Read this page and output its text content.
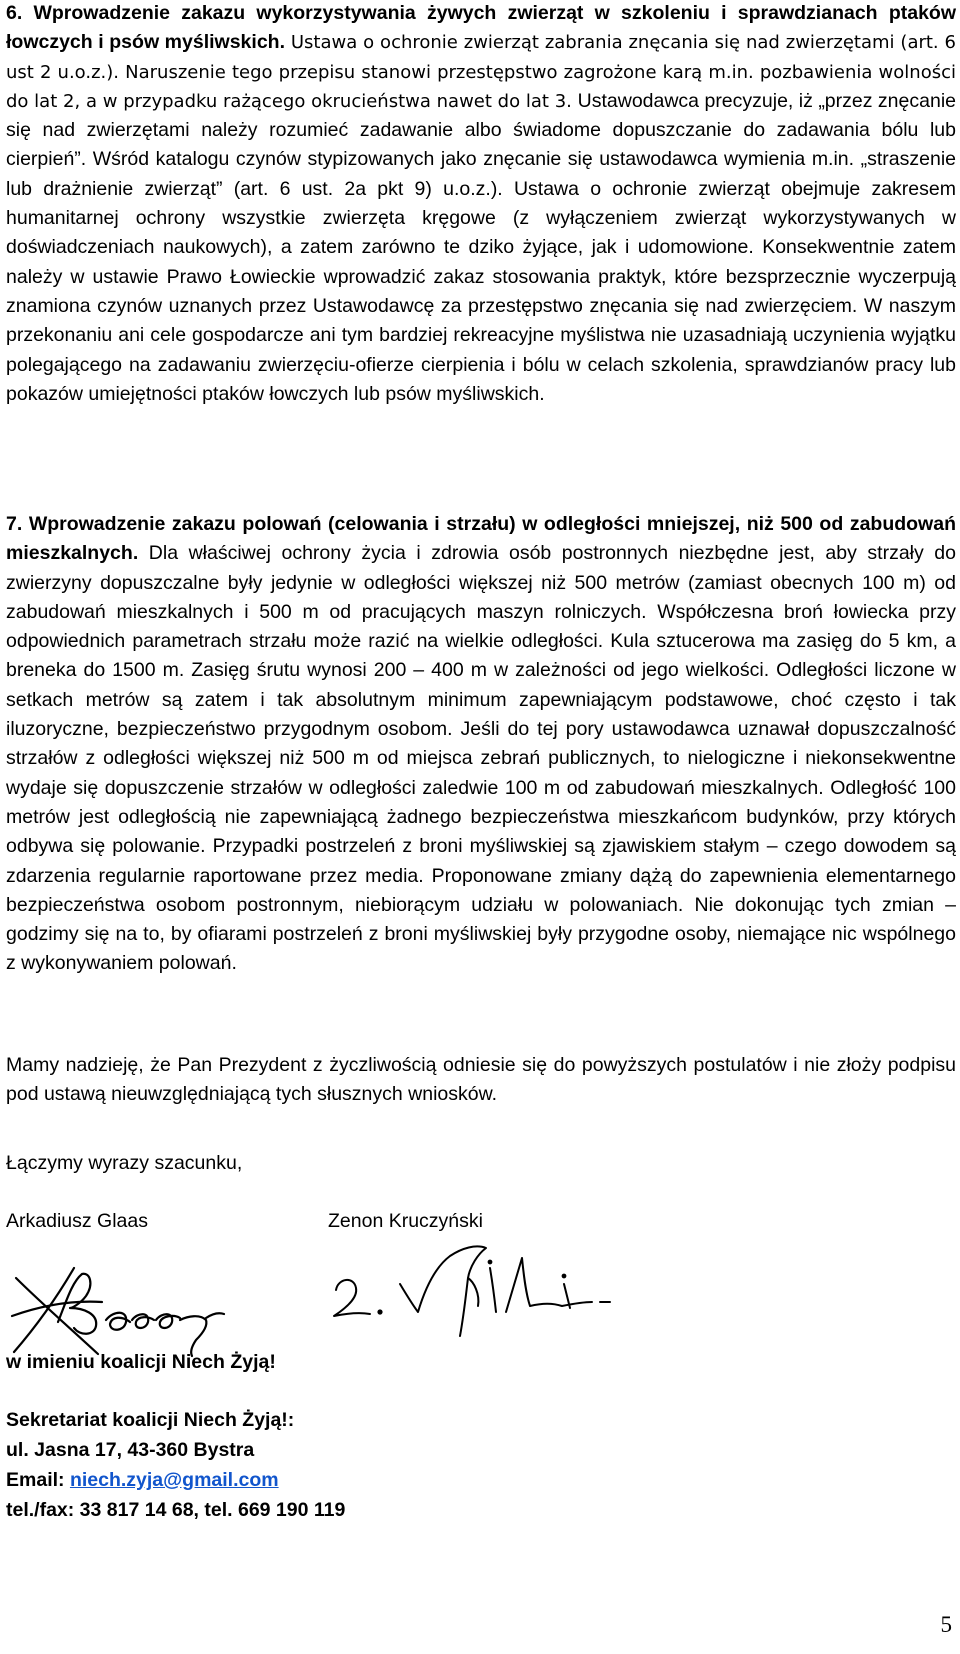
6. Wprowadzenie zakazu wykorzystywania żywych zwierząt w szkoleniu i sprawdzianach ptaków łowczych i psów myśliwskich. Ustawa o ochronie zwierząt zabrania znęcania się nad zwierzętami (art. 6 ust 2 u.o.z.). Naruszenie tego przepisu stanowi przestępstwo zagrożone karą m.in. pozbawienia wolności do lat 2, a w przypadku rażącego okrucieństwa nawet do lat 3. Ustawodawca precyzuje, iż „przez znęcanie się nad zwierzętami należy rozumieć zadawanie albo świadome dopuszczanie do zadawania bólu lub cierpień”. Wśród katalogu czynów stypizowanych jako znęcanie się ustawodawca wymienia m.in. „straszenie lub drażnienie zwierząt” (art. 6 ust. 2a pkt 9) u.o.z.). Ustawa o ochronie zwierząt obejmuje zakresem humanitarnej ochrony wszystkie zwierzęta kręgowe (z wyłączeniem zwierząt wykorzystywanych w doświadczeniach naukowych), a zatem zarówno te dziko żyjące, jak i udomowione. Konsekwentnie zatem należy w ustawie Prawo Łowieckie wprowadzić zakaz stosowania praktyk, które bezsprzecznie wyczerpują znamiona czynów uznanych przez Ustawodawcę za przestępstwo znęcania się nad zwierzęciem. W naszym przekonaniu ani cele gospodarcze ani tym bardziej rekreacyjne myślistwa nie uzasadniają uczynienia wyjątku polegającego na zadawaniu zwierzęciu-ofierze cierpienia i bólu w celach szkolenia, sprawdzianów pracy lub pokazów umiejętności ptaków łowczych lub psów myśliwskich.

7. Wprowadzenie zakazu polowań (celowania i strzału) w odległości mniejszej, niż 500 od zabudowań mieszkalnych. Dla właściwej ochrony życia i zdrowia osób postronnych niezbędne jest, aby strzały do zwierzyny dopuszczalne były jedynie w odległości większej niż 500 metrów (zamiast obecnych 100 m) od zabudowań mieszkalnych i 500 m od pracujących maszyn rolniczych. Współczesna broń łowiecka przy odpowiednich parametrach strzału może razić na wielkie odległości. Kula sztucerowa ma zasięg do 5 km, a breneka do 1500 m. Zasięg śrutu wynosi 200 – 400 m w zależności od jego wielkości. Odległości liczone w setkach metrów są zatem i tak absolutnym minimum zapewniającym podstawowe, choć często i tak iluzoryczne, bezpieczeństwo przygodnym osobom. Jeśli do tej pory ustawodawca uznawał dopuszczalność strzałów z odległości większej niż 500 m od miejsca zebrań publicznych, to nielogiczne i niekonsekwentne wydaje się dopuszczenie strzałów w odległości zaledwie 100 m od zabudowań mieszkalnych. Odległość 100 metrów jest odległością nie zapewniającą żadnego bezpieczeństwa mieszkańcom budynków, przy których odbywa się polowanie. Przypadki postrzeleń z broni myśliwskiej są zjawiskiem stałym – czego dowodem są zdarzenia regularnie raportowane przez media. Proponowane zmiany dążą do zapewnienia elementarnego bezpieczeństwa osobom postronnym, niebiorącym udziału w polowaniach. Nie dokonując tych zmian – godzimy się na to, by ofiarami postrzeleń z broni myśliwskiej były przygodne osoby, niemające nic wspólnego z wykonywaniem polowań.

Mamy nadzieję, że Pan Prezydent z życzliwością odniesie się do powyższych postulatów i nie złoży podpisu pod ustawą nieuwzględniającą tych słusznych wniosków.

Łączymy wyrazy szacunku,
Arkadiusz Glaas	Zenon Kruczyński
w imieniu koalicji Niech Żyją!
Sekretariat koalicji Niech Żyją!:
ul. Jasna 17, 43-360 Bystra
Email: niech.zyja@gmail.com
tel./fax: 33 817 14 68, tel. 669 190 119
5
